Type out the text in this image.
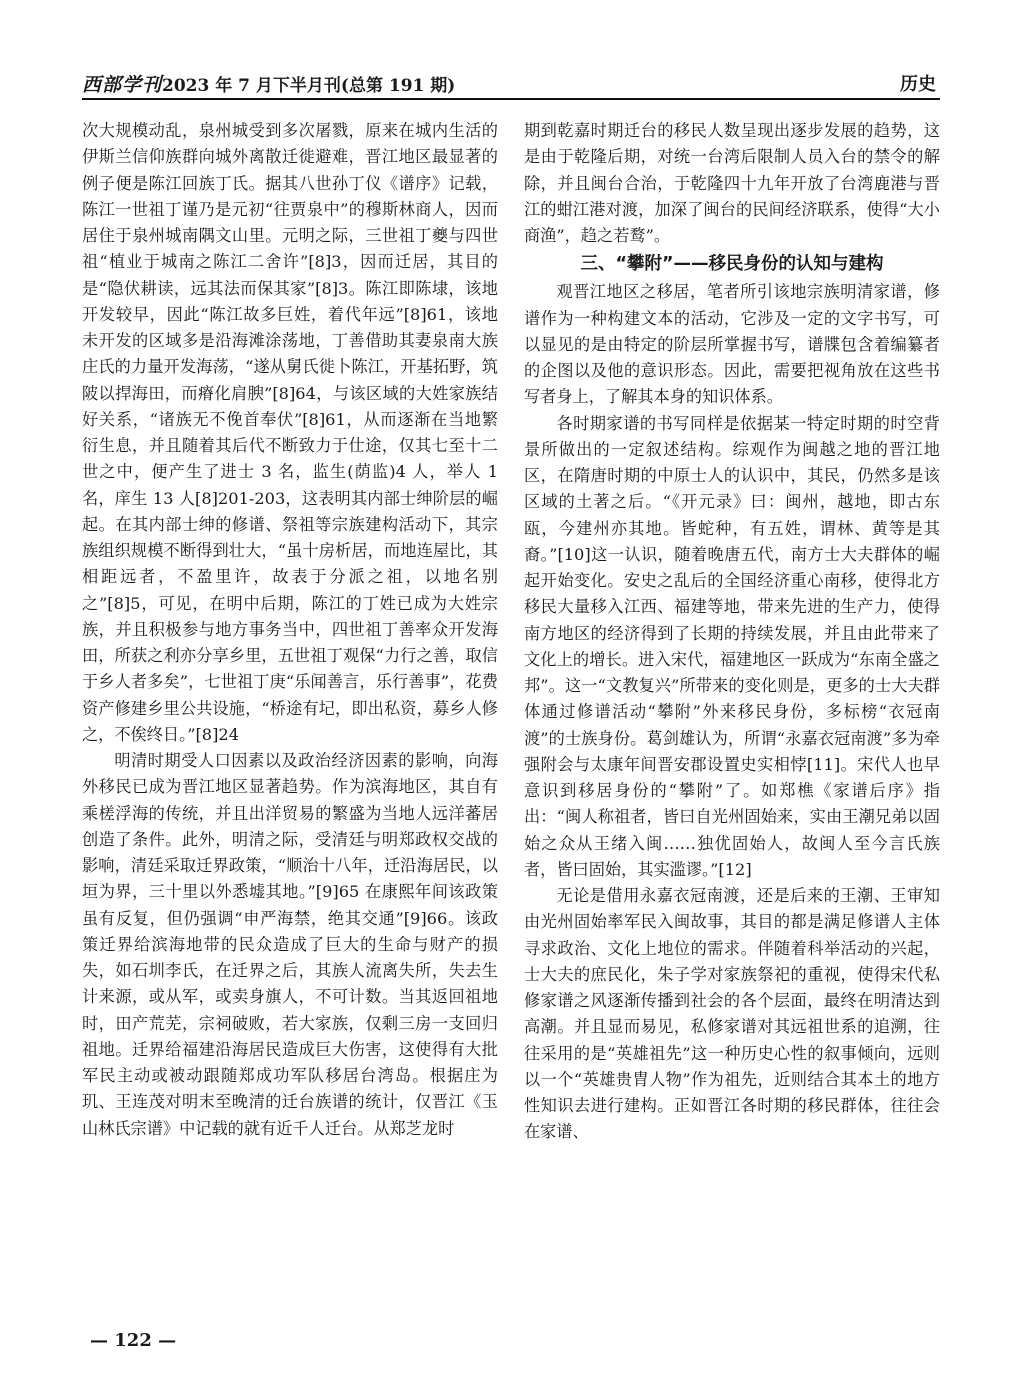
西部学刊 2023 年 7 月下半月刊(总第 191 期)	历史

次大规模动乱，泉州城受到多次屠戮，原来在城内生活的伊斯兰信仰族群向城外离散迁徙避难，晋江地区最显著的例子便是陈江回族丁氏。据其八世孙丁仪《谱序》记载，陈江一世祖丁谨乃是元初“往贾泉中”的穆斯林商人，因而居住于泉州城南隅文山里。元明之际，三世祖丁夔与四世祖“植业于城南之陈江二舍许”[8]3，因而迁居，其目的是“隐伏耕读，远其法而保其家”[8]3。陈江即陈埭，该地开发较早，因此“陈江故多巨姓，着代年远”[8]61，该地未开发的区域多是沿海滩涂荡地，丁善借助其妻泉南大族庄氏的力量开发海荡，“遂从舅氏徙卜陈江，开基拓野，筑陂以捍海田，而瘠化肩腴”[8]64，与该区域的大姓家族结好关系，“诸族无不俛首奉伏”[8]61，从而逐渐在当地繁衍生息，并且随着其后代不断致力于仕途，仅其七至十二世之中，便产生了进士 3 名，监生(荫监)4 人，举人 1 名，庠生 13 人[8]201-203，这表明其内部士绅阶层的崛起。在其内部士绅的修谱、祭祖等宗族建构活动下，其宗族组织规模不断得到壮大，“虽十房析居，而地连屋比，其相距远者，不盈里许，故表于分派之祖，以地名别之”[8]5，可见，在明中后期，陈江的丁姓已成为大姓宗族，并且积极参与地方事务当中，四世祖丁善率众开发海田，所获之利亦分享乡里，五世祖丁观保“力行之善，取信于乡人者多矣”，七世祖丁庚“乐闻善言，乐行善事”，花费资产修建乡里公共设施，“桥途有圮，即出私资，募乡人修之，不俟终日。”[8]24

明清时期受人口因素以及政治经济因素的影响，向海外移民已成为晋江地区显著趋势。作为滨海地区，其自有乘槎浮海的传统，并且出洋贸易的繁盛为当地人远洋蕃居创造了条件。此外，明清之际，受清廷与明郑政权交战的影响，清廷采取迁界政策，“顺治十八年，迁沿海居民，以垣为界，三十里以外悉墟其地。”[9]65 在康熙年间该政策虽有反复，但仍强调“申严海禁，绝其交通”[9]66。该政策迁界给滨海地带的民众造成了巨大的生命与财产的损失，如石圳李氏，在迁界之后，其族人流离失所，失去生计来源，或从军，或卖身旗人，不可计数。当其返回祖地时，田产荒芜，宗祠破败，若大家族，仅剩三房一支回归祖地。迁界给福建沿海居民造成巨大伤害，这使得有大批军民主动或被动跟随郑成功军队移居台湾岛。根据庄为玑、王连茂对明末至晚清的迁台族谱的统计，仅晋江《玉山林氏宗谱》中记载的就有近千人迁台。从郑芝龙时

期到乾嘉时期迁台的移民人数呈现出逐步发展的趋势，这是由于乾隆后期，对统一台湾后限制人员入台的禁令的解除，并且闽台合治，于乾隆四十九年开放了台湾鹿港与晋江的蚶江港对渡，加深了闽台的民间经济联系，使得“大小商渔”，趋之若鹜”。

三、“攀附”——移民身份的认知与建构

观晋江地区之移居，笔者所引该地宗族明清家谱，修谱作为一种构建文本的活动，它涉及一定的文字书写，可以显见的是由特定的阶层所掌握书写，谱牒包含着编纂者的企图以及他的意识形态。因此，需要把视角放在这些书写者身上，了解其本身的知识体系。

各时期家谱的书写同样是依据某一特定时期的时空背景所做出的一定叙述结构。综观作为闽越之地的晋江地区，在隋唐时期的中原士人的认识中，其民，仍然多是该区域的土著之后。“《开元录》曰：闽州，越地，即古东瓯，今建州亦其地。皆蛇种，有五姓，谓林、黄等是其裔。”[10]这一认识，随着晚唐五代，南方士大夫群体的崛起开始变化。安史之乱后的全国经济重心南移，使得北方移民大量移入江西、福建等地，带来先进的生产力，使得南方地区的经济得到了长期的持续发展，并且由此带来了文化上的增长。进入宋代，福建地区一跃成为“东南全盛之邦”。这一“文教复兴”所带来的变化则是，更多的士大夫群体通过修谱活动“攀附”外来移民身份，多标榜“衣冠南渡”的士族身份。葛剑雄认为，所谓“永嘉衣冠南渡”多为牵强附会与太康年间晋安郡设置史实相悖[11]。宋代人也早意识到移居身份的“攀附”了。如郑樵《家谱后序》指出：“闽人称祖者，皆曰自光州固始来，实由王潮兄弟以固始之众从王绪入闽……独优固始人，故闽人至今言氏族者，皆曰固始，其实滥谬。”[12]

无论是借用永嘉衣冠南渡，还是后来的王潮、王审知由光州固始率军民入闽故事，其目的都是满足修谱人主体寻求政治、文化上地位的需求。伴随着科举活动的兴起，士大夫的庶民化，朱子学对家族祭祀的重视，使得宋代私修家谱之风逐渐传播到社会的各个层面，最终在明清达到高潮。并且显而易见，私修家谱对其远祖世系的追溯，往往采用的是“英雄祖先”这一种历史心性的叙事倾向，远则以一个“英雄贵胄人物”作为祖先，近则结合其本土的地方性知识去进行建构。正如晋江各时期的移民群体，往往会在家谱、

— 122 —
